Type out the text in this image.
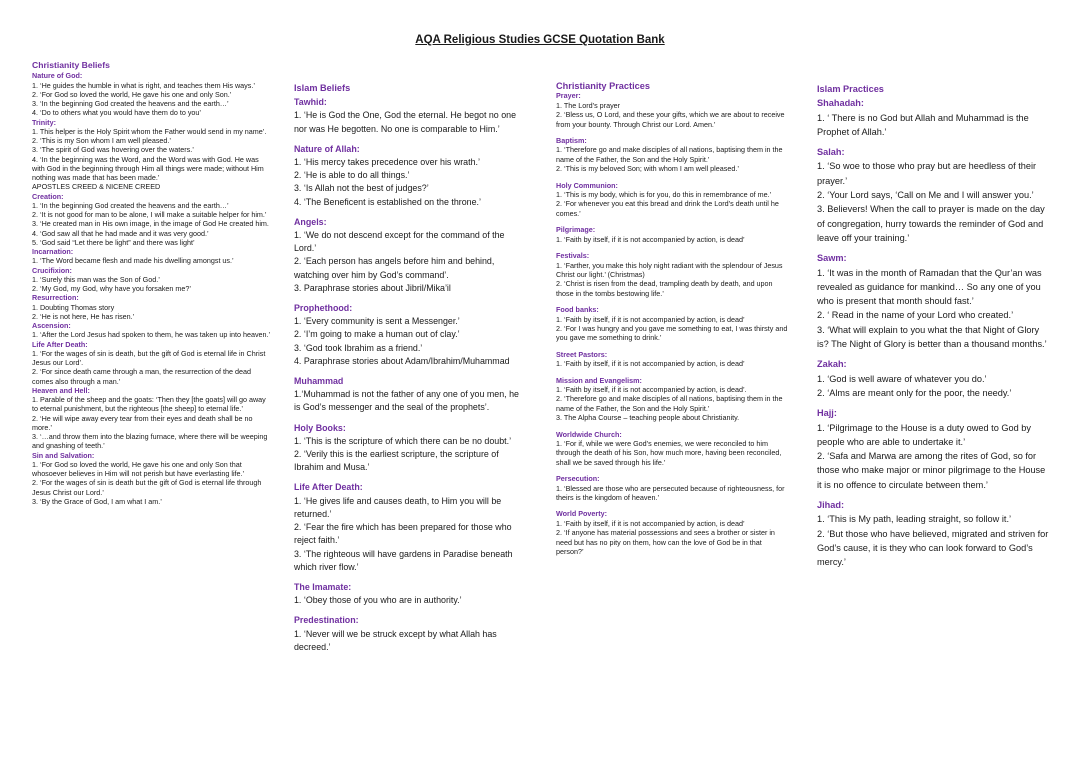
AQA Religious Studies GCSE Quotation Bank
Christianity Beliefs
Nature of God:
1. ‘He guides the humble in what is right, and teaches them His ways.’
2. ‘For God so loved the world, He gave his one and only Son.’
3. ‘In the beginning God created the heavens and the earth…’
4. ‘Do to others what you would have them do to you’
Trinity:
1. This helper is the Holy Spirit whom the Father would send in my name’.
2. ‘This is my Son whom I am well pleased.’
3. ‘The spirit of God was hovering over the waters.’
4. ‘In the beginning was the Word, and the Word was with God. He was with God in the beginning through Him all things were made; without Him nothing was made that has been made.’
APOSTLES CREED & NICENE CREED
Creation:
1. ‘In the beginning God created the heavens and the earth…’
2. ‘It is not good for man to be alone, I will make a suitable helper for him.’
3. ‘He created man in His own image, in the image of God He created him.
4. ‘God saw all that he had made and it was very good.’
5. ‘God said “Let there be light” and there was light’
Incarnation:
1. ‘The Word became flesh and made his dwelling amongst us.’
Crucifixion:
1. ‘Surely this man was the Son of God.’
2. ‘My God, my God, why have you forsaken me?’
Resurrection:
1. Doubting Thomas story
2. ‘He is not here, He has risen.’
Ascension:
1. ‘After the Lord Jesus had spoken to them, he was taken up into heaven.’
Life After Death:
1. ‘For the wages of sin is death, but the gift of God is eternal life in Christ Jesus our Lord’.
2. ‘For since death came through a man, the resurrection of the dead comes also through a man.’
Heaven and Hell:
1. Parable of the sheep and the goats: ‘Then they [the goats] will go away to eternal punishment, but the righteous [the sheep] to eternal life.’
2. ‘He will wipe away every tear from their eyes and death shall be no more.’
3. ‘…and throw them into the blazing furnace, where there will be weeping and gnashing of teeth.’
Sin and Salvation:
1. ‘For God so loved the world, He gave his one and only Son that whosoever believes in Him will not perish but have everlasting life.’
2. ‘For the wages of sin is death but the gift of God is eternal life through Jesus Christ our Lord.’
3. ‘By the Grace of God, I am what I am.’
Islam Beliefs
Tawhid:
1. ‘He is God the One, God the eternal. He begot no one nor was He begotten. No one is comparable to Him.’
Nature of Allah:
1. ‘His mercy takes precedence over his wrath.’
2. ‘He is able to do all things.’
3. ‘Is Allah not the best of judges?’
4. ‘The Beneficent is established on the throne.’
Angels:
1. ‘We do not descend except for the command of the Lord.’
2. ‘Each person has angels before him and behind, watching over him by God’s command’.
3. Paraphrase stories about Jibril/Mika’il
Prophethood:
1. ‘Every community is sent a Messenger.’
2. ‘I’m going to make a human out of clay.’
3. ‘God took Ibrahim as a friend.’
4. Paraphrase stories about Adam/Ibrahim/Muhammad
Muhammad
1.‘Muhammad is not the father of any one of you men, he is God’s messenger and the seal of the prophets’.
Holy Books:
1. ‘This is the scripture of which there can be no doubt.’
2. ‘Verily this is the earliest scripture, the scripture of Ibrahim and Musa.’
Life After Death:
1. ‘He gives life and causes death, to Him you will be returned.’
2. ‘Fear the fire which has been prepared for those who reject faith.’
3. ‘The righteous will have gardens in Paradise beneath which river flow.’
The Imamate:
1. ‘Obey those of you who are in authority.’
Predestination:
1. ‘Never will we be struck except by what Allah has decreed.’
Christianity Practices
Prayer:
1. The Lord’s prayer
2. ‘Bless us, O Lord, and these your gifts, which we are about to receive from your bounty. Through Christ our Lord. Amen.’
Baptism:
1. ‘Therefore go and make disciples of all nations, baptising them in the name of the Father, the Son and the Holy Spirit.’
2. ‘This is my beloved Son; with whom I am well pleased.’
Holy Communion:
1. ‘This is my body, which is for you, do this in remembrance of me.’
2. ‘For whenever you eat this bread and drink the Lord’s death until he comes.’
Pilgrimage:
1. ‘Faith by itself, if it is not accompanied by action, is dead’
Festivals:
1. ‘Farther, you make this holy night radiant with the splendour of Jesus Christ our light.’ (Christmas)
2. ‘Christ is risen from the dead, trampling death by death, and upon those in the tombs bestowing life.’
Food banks:
1. ‘Faith by itself, if it is not accompanied by action, is dead’
2. ‘For I was hungry and you gave me something to eat, I was thirsty and you gave me something to drink.’
Street Pastors:
1. ‘Faith by itself, if it is not accompanied by action, is dead’
Mission and Evangelism:
1. ‘Faith by itself, if it is not accompanied by action, is dead’.
2. ‘Therefore go and make disciples of all nations, baptising them in the name of the Father, the Son and the Holy Spirit.’
3. The Alpha Course – teaching people about Christianity.
Worldwide Church:
1. ‘For if, while we were God’s enemies, we were reconciled to him through the death of his Son, how much more, having been reconciled, shall we be saved through his life.’
Persecution:
1. ‘Blessed are those who are persecuted because of righteousness, for theirs is the kingdom of heaven.’
World Poverty:
1. ‘Faith by itself, if it is not accompanied by action, is dead’
2. ‘If anyone has material possessions and sees a brother or sister in need but has no pity on them, how can the love of God be in that person?’
Islam Practices
Shahadah:
1. ‘ There is no God but Allah and Muhammad is the Prophet of Allah.’
Salah:
1. ‘So woe to those who pray but are heedless of their prayer.’
2. ‘Your Lord says, ‘Call on Me and I will answer you.’
3. Believers! When the call to prayer is made on the day of congregation, hurry towards the reminder of God and leave off your training.’
Sawm:
1. ‘It was in the month of Ramadan that the Qur’an was revealed as guidance for mankind… So any one of you who is present that month should fast.’
2. ‘ Read in the name of your Lord who created.’
3. ‘What will explain to you what the that Night of Glory is? The Night of Glory is better than a thousand months.’
Zakah:
1. ‘God is well aware of whatever you do.’
2. ‘Alms are meant only for the poor, the needy.’
Hajj:
1. ‘Pilgrimage to the House is a duty owed to God by people who are able to undertake it.’
2. ‘Safa and Marwa are among the rites of God, so for those who make major or minor pilgrimage to the House it is no offence to circulate between them.’
Jihad:
1. ‘This is My path, leading straight, so follow it.’
2. ‘But those who have believed, migrated and striven for God’s cause, it is they who can look forward to God’s mercy.’
